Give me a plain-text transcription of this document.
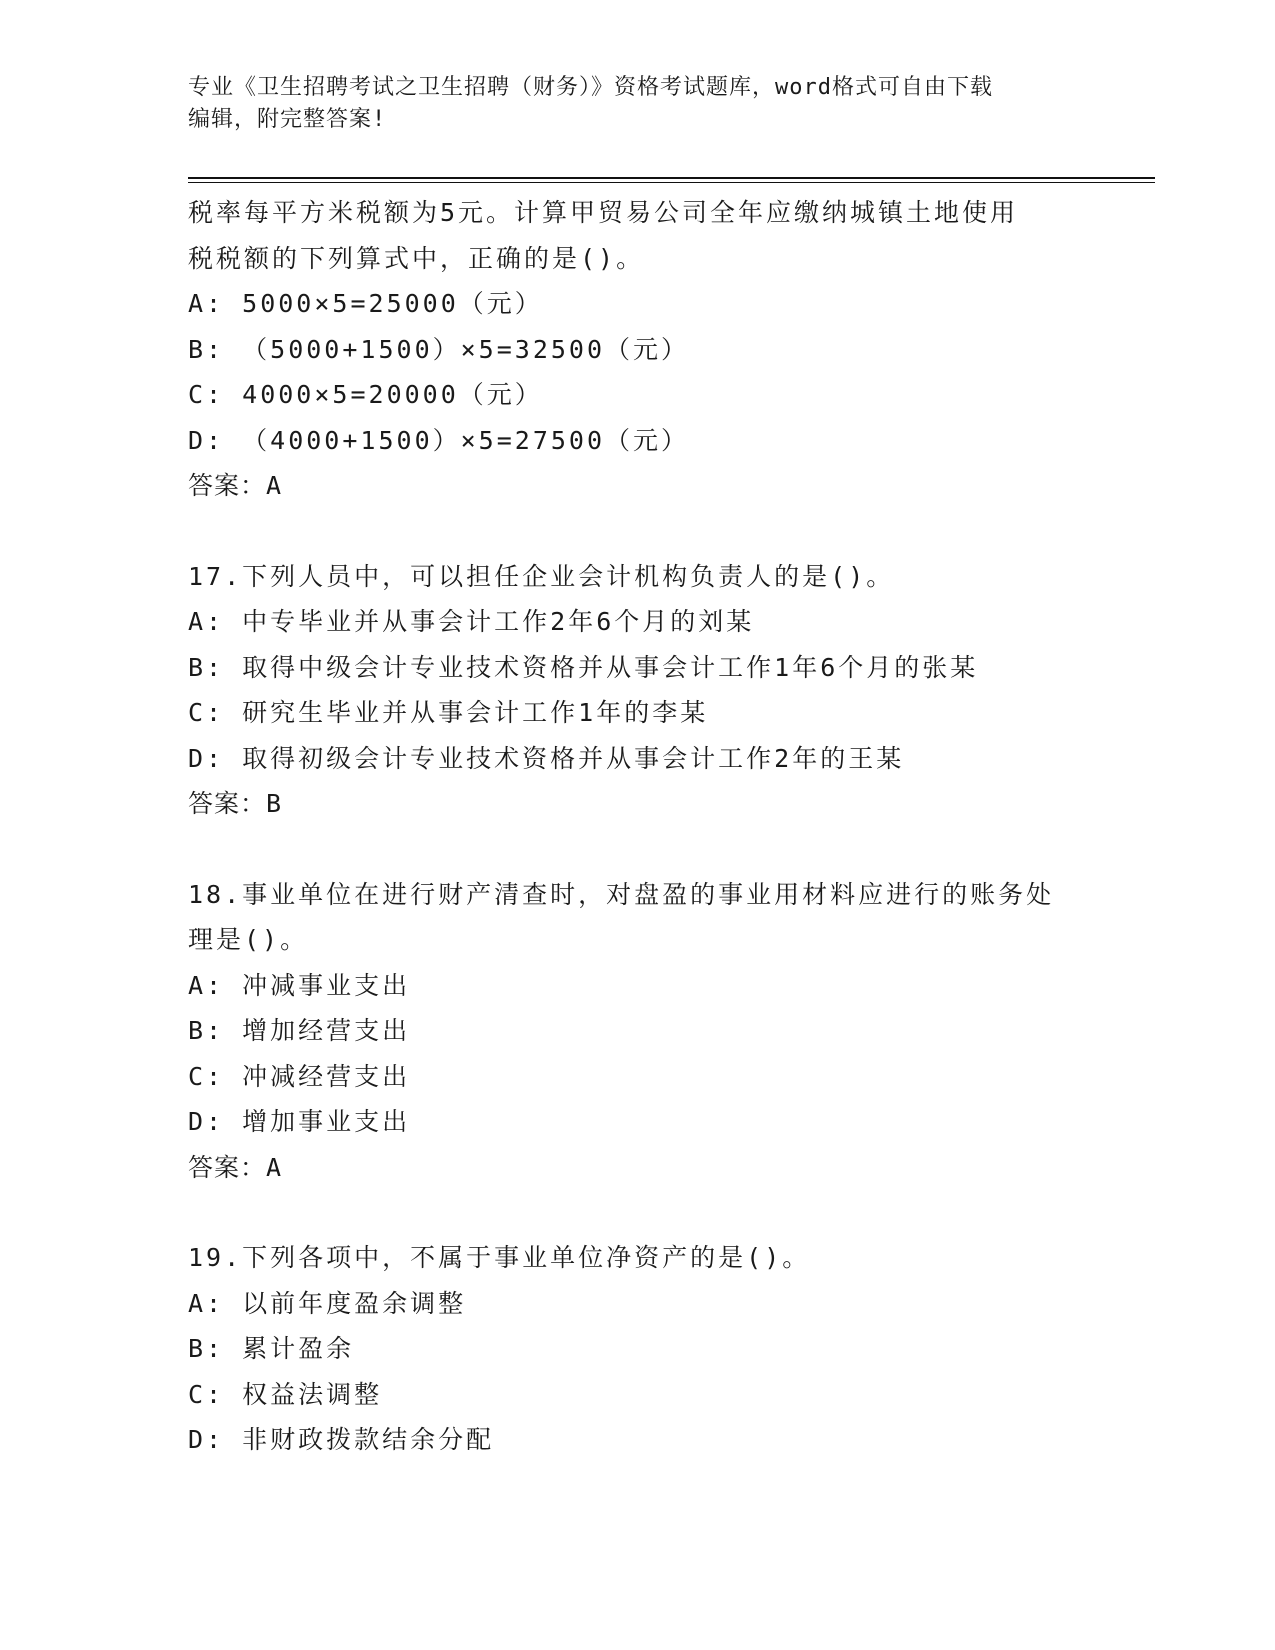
专业《卫生招聘考试之卫生招聘（财务）》资格考试题库，word格式可自由下载
编辑，附完整答案!
税率每平方米税额为5元。计算甲贸易公司全年应缴纳城镇土地使用
税税额的下列算式中，正确的是()。
A: 5000×5=25000（元）
B: （5000+1500）×5=32500（元）
C: 4000×5=20000（元）
D: （4000+1500）×5=27500（元）
答案：A
17.下列人员中，可以担任企业会计机构负责人的是()。
A: 中专毕业并从事会计工作2年6个月的刘某
B: 取得中级会计专业技术资格并从事会计工作1年6个月的张某
C: 研究生毕业并从事会计工作1年的李某
D: 取得初级会计专业技术资格并从事会计工作2年的王某
答案：B
18.事业单位在进行财产清查时，对盘盈的事业用材料应进行的账务处
理是()。
A: 冲减事业支出
B: 增加经营支出
C: 冲减经营支出
D: 增加事业支出
答案：A
19.下列各项中，不属于事业单位净资产的是()。
A: 以前年度盈余调整
B: 累计盈余
C: 权益法调整
D: 非财政拨款结余分配
